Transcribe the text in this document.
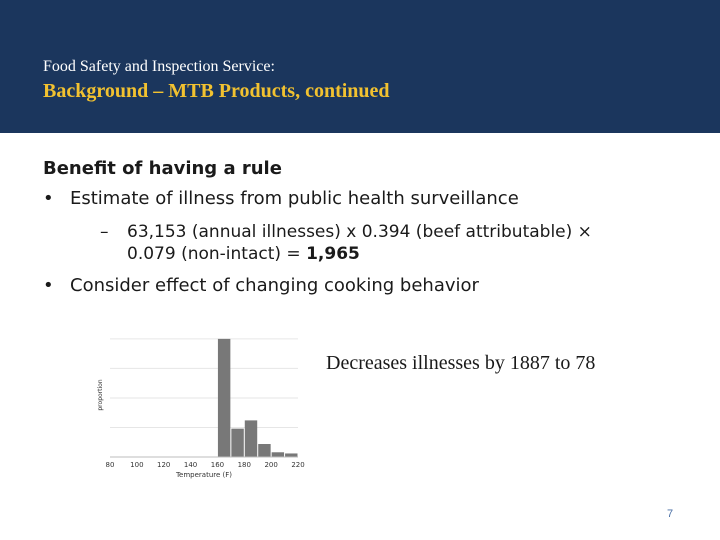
Food Safety and Inspection Service:
Background – MTB Products, continued
Benefit of having a rule
• Estimate of illness from public health surveillance
– 63,153 (annual illnesses) x 0.394 (beef attributable) ×
0.079 (non-intact) = 1,965
• Consider effect of changing cooking behavior
80 100 120 140 160 180 200 220
Temperature (F)
proportion
Decreases illnesses by 1887 to 78
7
